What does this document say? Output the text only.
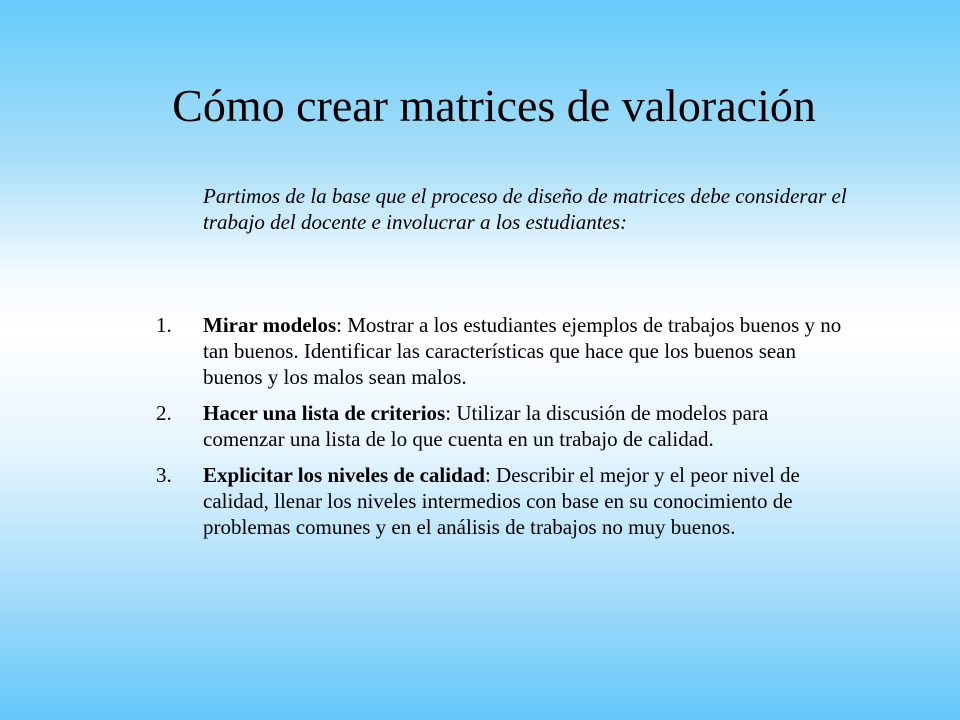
Cómo crear matrices de valoración

Partimos de la base que el proceso de diseño de matrices debe considerar el trabajo del docente e involucrar a los estudiantes:

1. Mirar modelos: Mostrar a los estudiantes ejemplos de trabajos buenos y no tan buenos. Identificar las características que hace que los buenos sean buenos y los malos sean malos.
2. Hacer una lista de criterios: Utilizar la discusión de modelos para comenzar una lista de lo que cuenta en un trabajo de calidad.
3. Explicitar los niveles de calidad: Describir el mejor y el peor nivel de calidad, llenar los niveles intermedios con base en su conocimiento de problemas comunes y en el análisis de trabajos no muy buenos.
